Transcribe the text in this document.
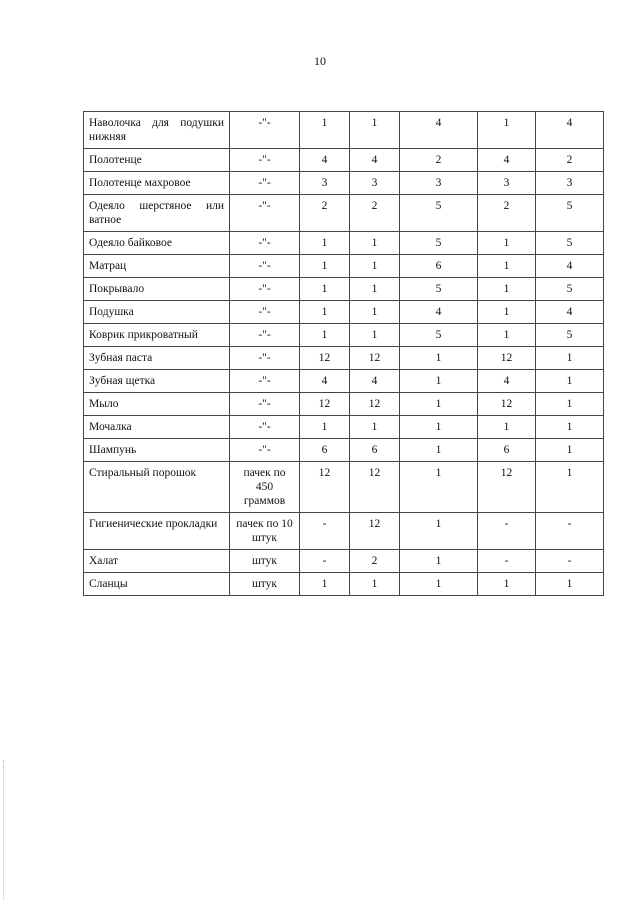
10
Наволочка для подушки нижняя	-"-	1	1	4	1	4
Полотенце	-"-	4	4	2	4	2
Полотенце махровое	-"-	3	3	3	3	3
Одеяло шерстяное или ватное	-"-	2	2	5	2	5
Одеяло байковое	-"-	1	1	5	1	5
Матрац	-"-	1	1	6	1	4
Покрывало	-"-	1	1	5	1	5
Подушка	-"-	1	1	4	1	4
Коврик прикроватный	-"-	1	1	5	1	5
Зубная паста	-"-	12	12	1	12	1
Зубная щетка	-"-	4	4	1	4	1
Мыло	-"-	12	12	1	12	1
Мочалка	-"-	1	1	1	1	1
Шампунь	-"-	6	6	1	6	1
Стиральный порошок	пачек по 450 граммов	12	12	1	12	1
Гигиенические прокладки	пачек по 10 штук	-	12	1	-	-
Халат	штук	-	2	1	-	-
Сланцы	штук	1	1	1	1	1
